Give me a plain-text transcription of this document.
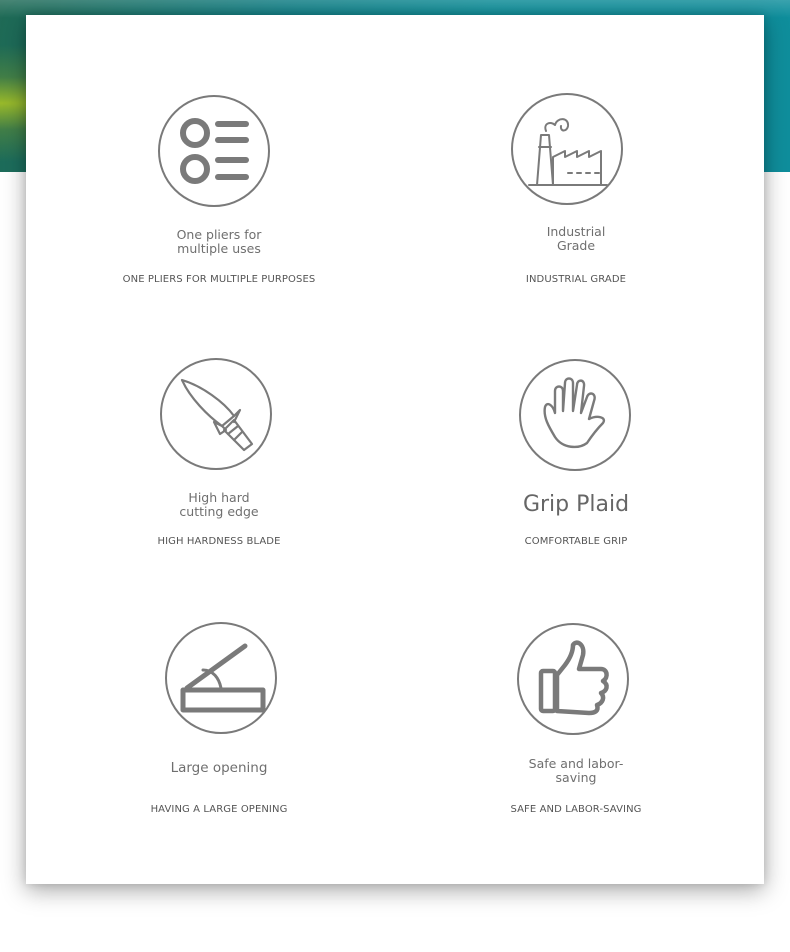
One pliers for multiple uses
ONE PLIERS FOR MULTIPLE PURPOSES
Industrial Grade
INDUSTRIAL GRADE
High hard cutting edge
HIGH HARDNESS BLADE
Grip Plaid
COMFORTABLE GRIP
Large opening
HAVING A LARGE OPENING
Safe and labor-saving
SAFE AND LABOR-SAVING
